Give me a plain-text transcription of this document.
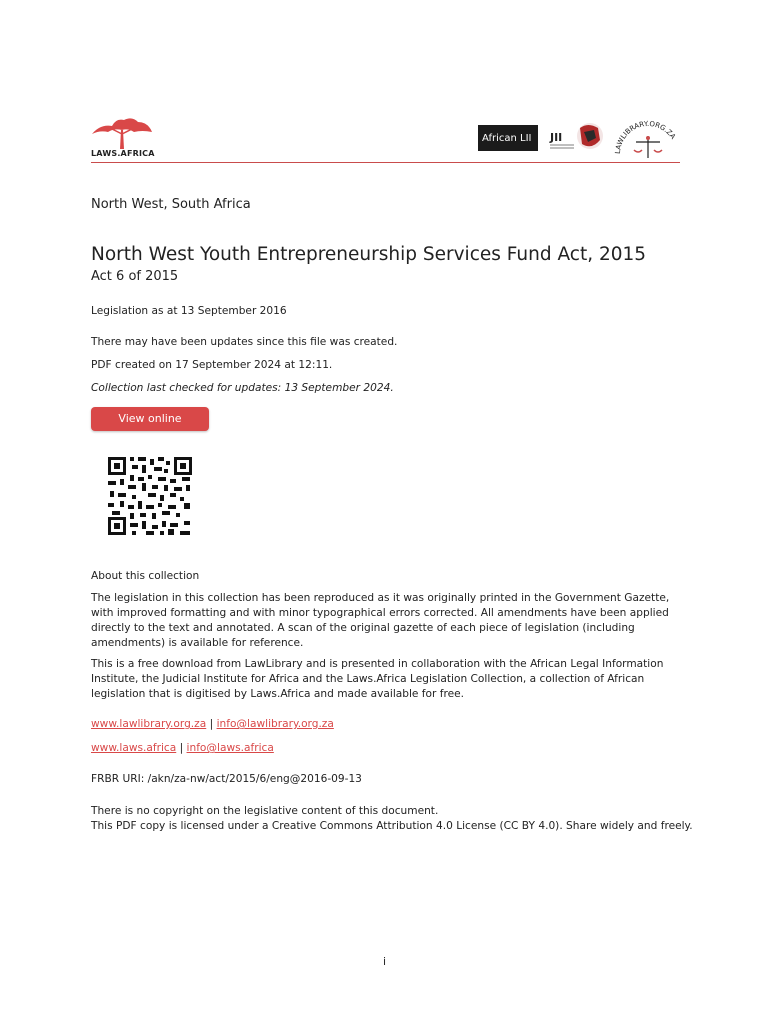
LAWS.AFRICA
African LII JII
LAWLIBRARY.ORG.ZA
North West, South Africa
North West Youth Entrepreneurship Services Fund Act, 2015
Act 6 of 2015
Legislation as at 13 September 2016
There may have been updates since this file was created.
PDF created on 17 September 2024 at 12:11.
Collection last checked for updates: 13 September 2024.
View online
About this collection
The legislation in this collection has been reproduced as it was originally printed in the Government Gazette, with improved formatting and with minor typographical errors corrected. All amendments have been applied directly to the text and annotated. A scan of the original gazette of each piece of legislation (including amendments) is available for reference.
This is a free download from LawLibrary and is presented in collaboration with the African Legal Information Institute, the Judicial Institute for Africa and the Laws.Africa Legislation Collection, a collection of African legislation that is digitised by Laws.Africa and made available for free.
www.lawlibrary.org.za | info@lawlibrary.org.za
www.laws.africa | info@laws.africa
FRBR URI: /akn/za-nw/act/2015/6/eng@2016-09-13
There is no copyright on the legislative content of this document.
This PDF copy is licensed under a Creative Commons Attribution 4.0 License (CC BY 4.0). Share widely and freely.
i
